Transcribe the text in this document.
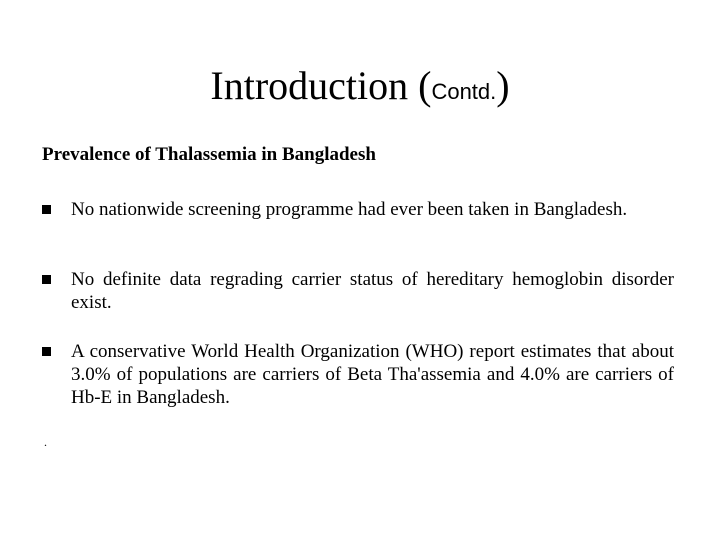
Introduction (Contd.)
Prevalence of Thalassemia in Bangladesh
No nationwide screening programme had ever been taken in Bangladesh.
No definite data regrading carrier status of hereditary hemoglobin disorder exist.
A conservative World Health Organization (WHO) report estimates that about 3.0% of populations are carriers of Beta Tha'assemia and 4.0% are carriers of Hb-E in Bangladesh.
.
